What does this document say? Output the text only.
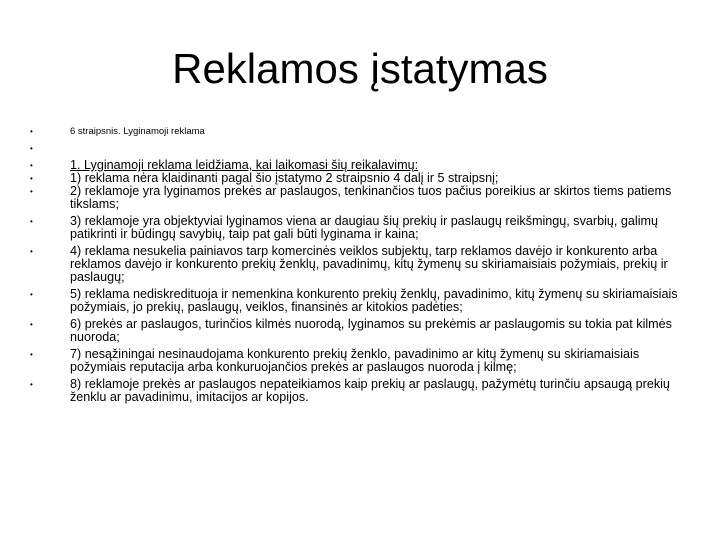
Reklamos įstatymas
• 6 straipsnis. Lyginamoji reklama
•
• 1. Lyginamoji reklama leidžiama, kai laikomasi šių reikalavimų:
• 1) reklama nėra klaidinanti pagal šio įstatymo 2 straipsnio 4 dalį ir 5 straipsnį;
• 2) reklamoje yra lyginamos prekės ar paslaugos, tenkinančios tuos pačius poreikius ar skirtos tiems patiems tikslams;
• 3) reklamoje yra objektyviai lyginamos viena ar daugiau šių prekių ir paslaugų reikšmingų, svarbių, galimų patikrinti ir būdingų savybių, taip pat gali būti lyginama ir kaina;
• 4) reklama nesukelia painiavos tarp komercinės veiklos subjektų, tarp reklamos davėjo ir konkurento arba reklamos davėjo ir konkurento prekių ženklų, pavadinimų, kitų žymenų su skiriamaisiais požymiais, prekių ir paslaugų;
• 5) reklama nediskredituoja ir nemenkina konkurento prekių ženklų, pavadinimo, kitų žymenų su skiriamaisiais požymiais, jo prekių, paslaugų, veiklos, finansinės ar kitokios padėties;
• 6) prekės ar paslaugos, turinčios kilmės nuorodą, lyginamos su prekėmis ar paslaugomis su tokia pat kilmės nuoroda;
• 7) nesąžiningai nesinaudojama konkurento prekių ženklo, pavadinimo ar kitų žymenų su skiriamaisiais požymiais reputacija arba konkuruojančios prekės ar paslaugos nuoroda į kilmę;
• 8) reklamoje prekės ar paslaugos nepateikiamos kaip prekių ar paslaugų, pažymėtų turinčiu apsaugą prekių ženklu ar pavadinimu, imitacijos ar kopijos.
